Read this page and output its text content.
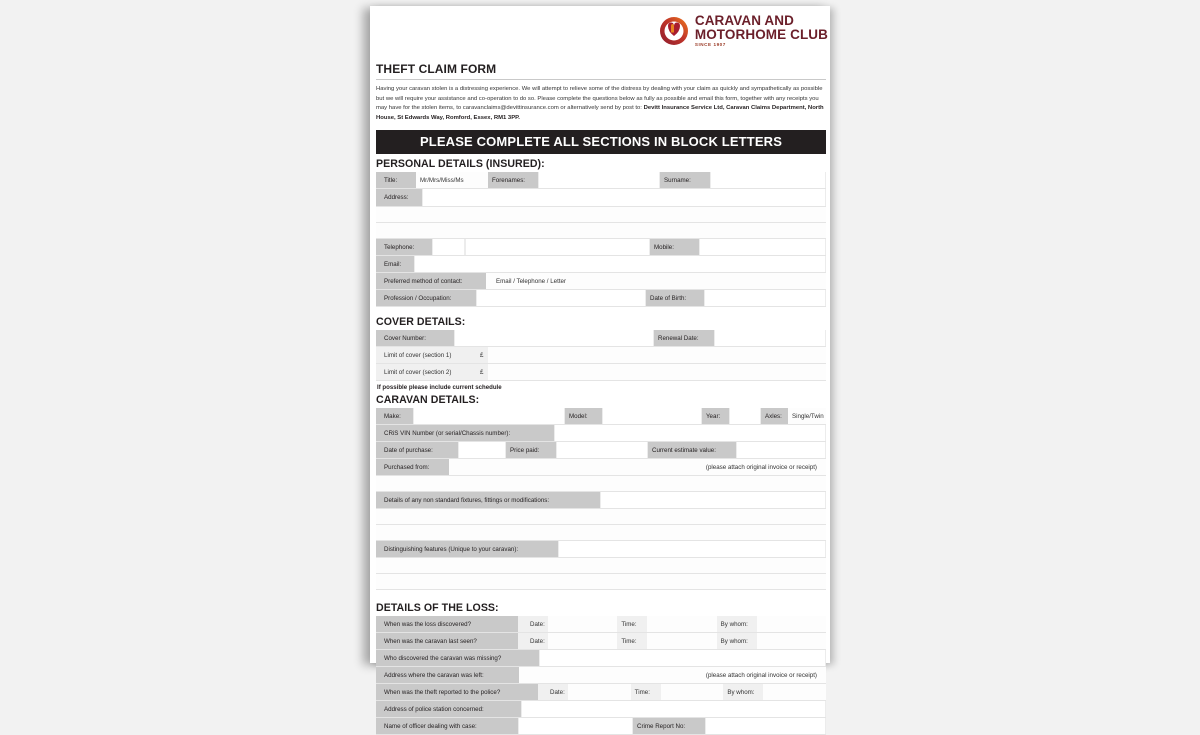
CARAVAN AND
MOTORHOME CLUB
SINCE 1907
THEFT CLAIM FORM

Having your caravan stolen is a distressing experience. We will attempt to relieve some of the distress by dealing with your claim as quickly and sympathetically as possible but we will require your assistance and co-operation to do so. Please complete the questions below as fully as possible and email this form, together with any receipts you may have for the stolen items, to caravanclaims@devittinsurance.com or alternatively send by post to: Devitt Insurance Service Ltd, Caravan Claims Department, North House, St Edwards Way, Romford, Essex, RM1 3PP.

PLEASE COMPLETE ALL SECTIONS IN BLOCK LETTERS
PERSONAL DETAILS (INSURED):
Title:	Mr/Mrs/Miss/Ms	Forenames:	Surname:
Address:
Telephone:	Mobile:
Email:
Preferred method of contact:	Email / Telephone / Letter
Profession / Occupation:	Date of Birth:
COVER DETAILS:
Cover Number:	Renewal Date:
Limit of cover (section 1)	£
Limit of cover (section 2)	£
If possible please include current schedule
CARAVAN DETAILS:
Make:	Model:	Year:	Axles:	Single/Twin
CRiS VIN Number (or serial/Chassis number):
Date of purchase:	Price paid:	Current estimate value:
Purchased from:	(please attach original invoice or receipt)
Details of any non standard fixtures, fittings or modifications:
Distinguishing features (Unique to your caravan):
DETAILS OF THE LOSS:
When was the loss discovered?	Date:	Time:	By whom:
When was the caravan last seen?	Date:	Time:	By whom:
Who discovered the caravan was missing?
Address where the caravan was left:	(please attach original invoice or receipt)
When was the theft reported to the police?	Date:	Time:	By whom:
Address of police station concerned:
Name of officer dealing with case:	Crime Report No:
